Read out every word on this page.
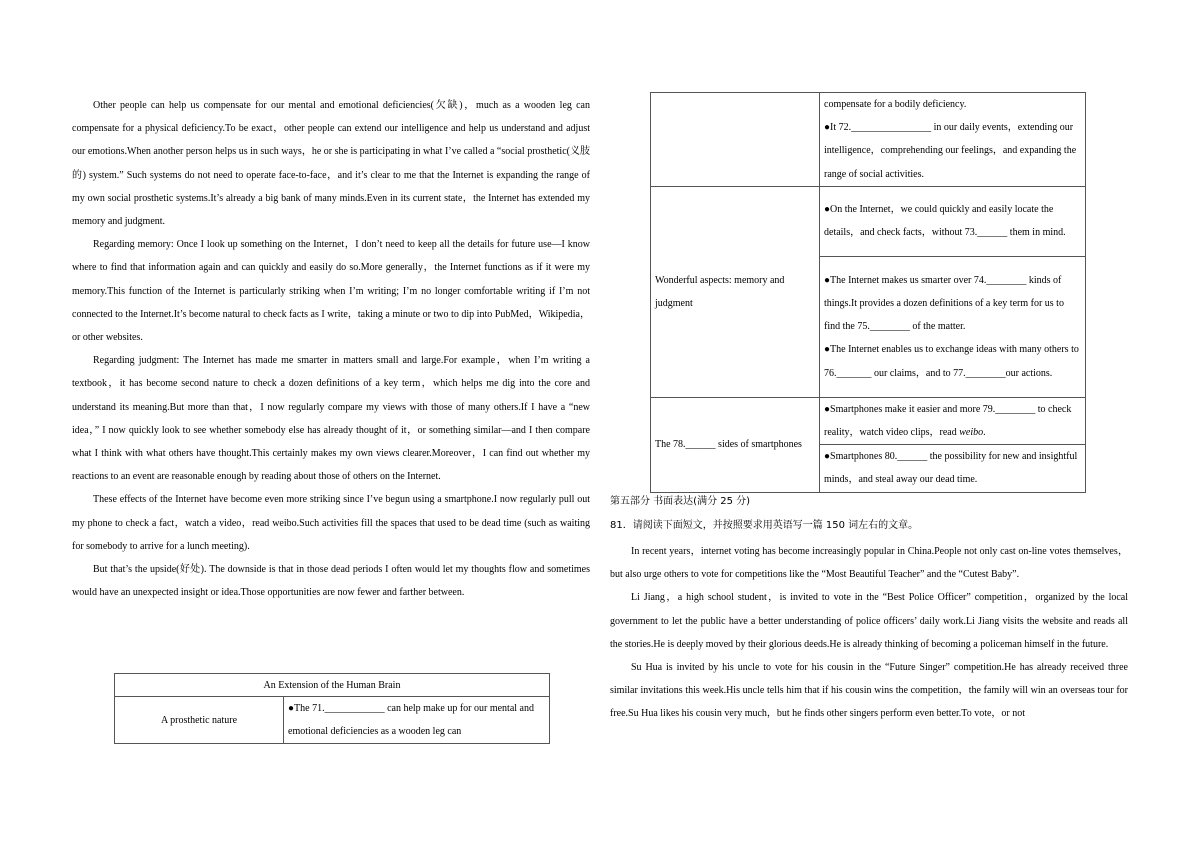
Other people can help us compensate for our mental and emotional deficiencies(欠缺)，much as a wooden leg can compensate for a physical deficiency.To be exact，other people can extend our intelligence and help us understand and adjust our emotions.When another person helps us in such ways，he or she is participating in what I’ve called a “social prosthetic(义肢的) system.” Such systems do not need to operate face-to-face，and it’s clear to me that the Internet is expanding the range of my own social prosthetic systems.It’s already a big bank of many minds.Even in its current state，the Internet has extended my memory and judgment.

Regarding memory: Once I look up something on the Internet，I don’t need to keep all the details for future use—I know where to find that information again and can quickly and easily do so.More generally，the Internet functions as if it were my memory.This function of the Internet is particularly striking when I’m writing; I’m no longer comfortable writing if I’m not connected to the Internet.It’s become natural to check facts as I write，taking a minute or two to dip into PubMed，Wikipedia，or other websites.

Regarding judgment: The Internet has made me smarter in matters small and large.For example，when I’m writing a textbook，it has become second nature to check a dozen definitions of a key term，which helps me dig into the core and understand its meaning.But more than that，I now regularly compare my views with those of many others.If I have a “new idea，” I now quickly look to see whether somebody else has already thought of it，or something similar—and I then compare what I think with what others have thought.This certainly makes my own views clearer.Moreover，I can find out whether my reactions to an event are reasonable enough by reading about those of others on the Internet.

These effects of the Internet have become even more striking since I’ve begun using a smartphone.I now regularly pull out my phone to check a fact，watch a video，read weibo.Such activities fill the spaces that used to be dead time (such as waiting for somebody to arrive for a lunch meeting).

But that’s the upside(好处). The downside is that in those dead periods I often would let my thoughts flow and sometimes would have an unexpected insight or idea.Those opportunities are now fewer and farther between.

An Extension of the Human Brain
A prosthetic nature	●The 71.____________ can help make up for our mental and emotional deficiencies as a wooden leg can

	compensate for a bodily deficiency.
●It 72.________________ in our daily events，extending our intelligence，comprehending our feelings，and expanding the range of social activities.

Wonderful aspects: memory and judgment	●On the Internet，we could quickly and easily locate the details，and check facts，without 73.______ them in mind.

	●The Internet makes us smarter over 74.________ kinds of things.It provides a dozen definitions of a key term for us to find the 75.________ of the matter.
●The Internet enables us to exchange ideas with many others to 76._______ our claims，and to 77.________our actions.

The 78.______ sides of smartphones	●Smartphones make it easier and more 79.________ to check reality，watch video clips，read weibo.
	●Smartphones 80.______ the possibility for new and insightful minds，and steal away our dead time.
第五部分 书面表达(满分 25 分)
81．请阅读下面短文，并按照要求用英语写一篇 150 词左右的文章。

In recent years，internet voting has become increasingly popular in China.People not only cast on-line votes themselves，but also urge others to vote for competitions like the “Most Beautiful Teacher” and the “Cutest Baby”.

Li Jiang，a high school student，is invited to vote in the “Best Police Officer” competition，organized by the local government to let the public have a better understanding of police officers’ daily work.Li Jiang visits the website and reads all the stories.He is deeply moved by their glorious deeds.He is already thinking of becoming a policeman himself in the future.

Su Hua is invited by his uncle to vote for his cousin in the “Future Singer” competition.He has already received three similar invitations this week.His uncle tells him that if his cousin wins the competition，the family will win an overseas tour for free.Su Hua likes his cousin very much，but he finds other singers perform even better.To vote，or not
